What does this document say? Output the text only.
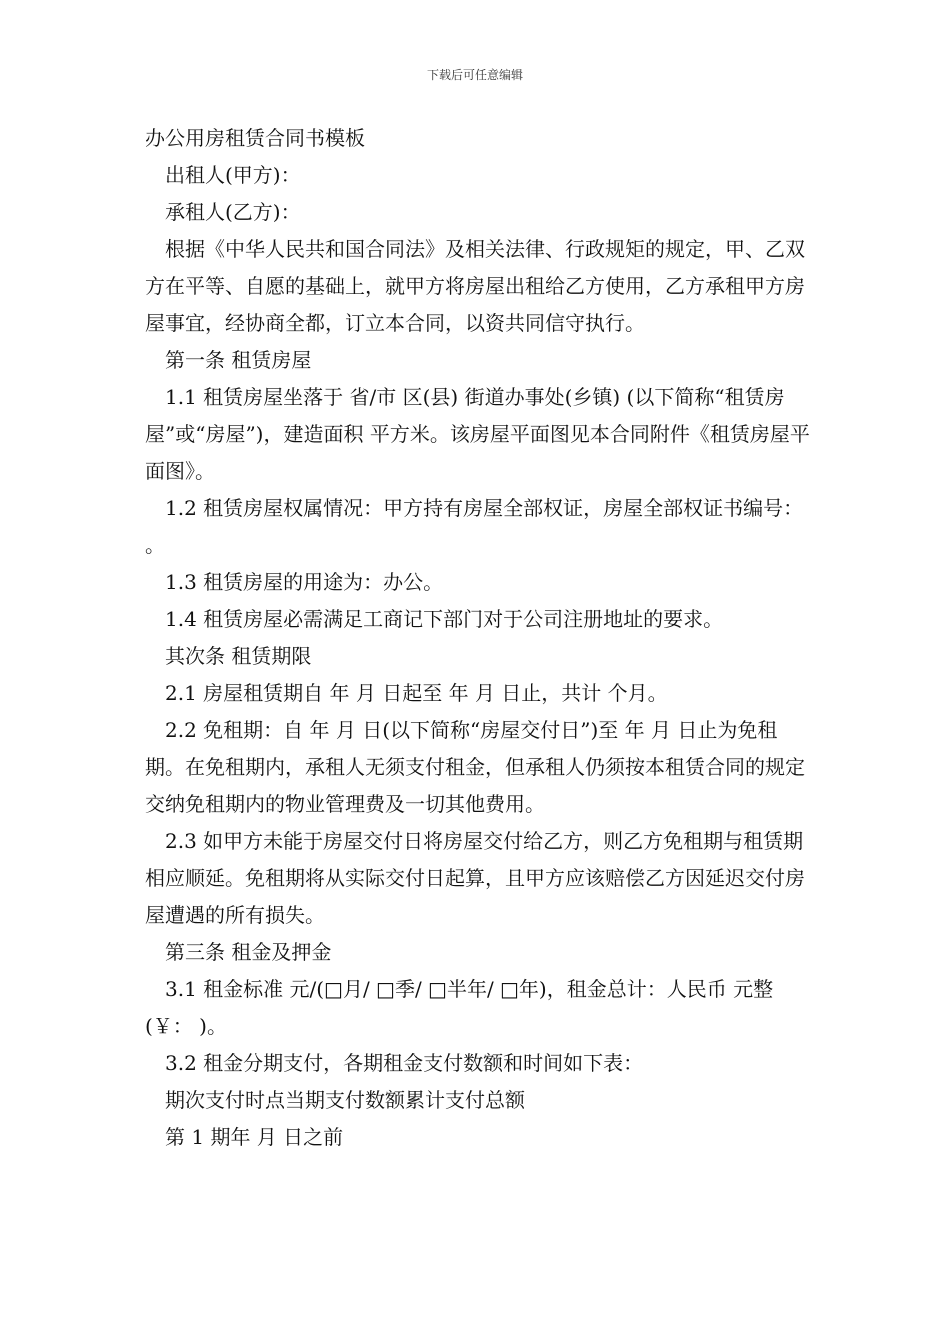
下载后可任意编辑

办公用房租赁合同书模板

出租人(甲方)：

承租人(乙方)：

根据《中华人民共和国合同法》及相关法律、行政规矩的规定，甲、乙双方在平等、自愿的基础上，就甲方将房屋出租给乙方使用，乙方承租甲方房屋事宜，经协商全都，订立本合同，以资共同信守执行。

第一条 租赁房屋

1.1 租赁房屋坐落于 省/市 区(县) 街道办事处(乡镇) (以下简称“租赁房屋”或“房屋”)，建造面积 平方米。该房屋平面图见本合同附件《租赁房屋平面图》。

1.2 租赁房屋权属情况：甲方持有房屋全部权证，房屋全部权证书编号： 。

1.3 租赁房屋的用途为：办公。

1.4 租赁房屋必需满足工商记下部门对于公司注册地址的要求。

其次条 租赁期限

2.1 房屋租赁期自 年 月 日起至 年 月 日止，共计 个月。

2.2 免租期：自 年 月 日(以下简称“房屋交付日”)至 年 月 日止为免租期。在免租期内，承租人无须支付租金，但承租人仍须按本租赁合同的规定交纳免租期内的物业管理费及一切其他费用。

2.3 如甲方未能于房屋交付日将房屋交付给乙方，则乙方免租期与租赁期相应顺延。免租期将从实际交付日起算，且甲方应该赔偿乙方因延迟交付房屋遭遇的所有损失。

第三条 租金及押金

3.1 租金标准 元/(□月/ □季/ □半年/ □年)，租金总计：人民币 元整(￥： )。

3.2 租金分期支付，各期租金支付数额和时间如下表：

期次支付时点当期支付数额累计支付总额

第 1 期年 月 日之前
